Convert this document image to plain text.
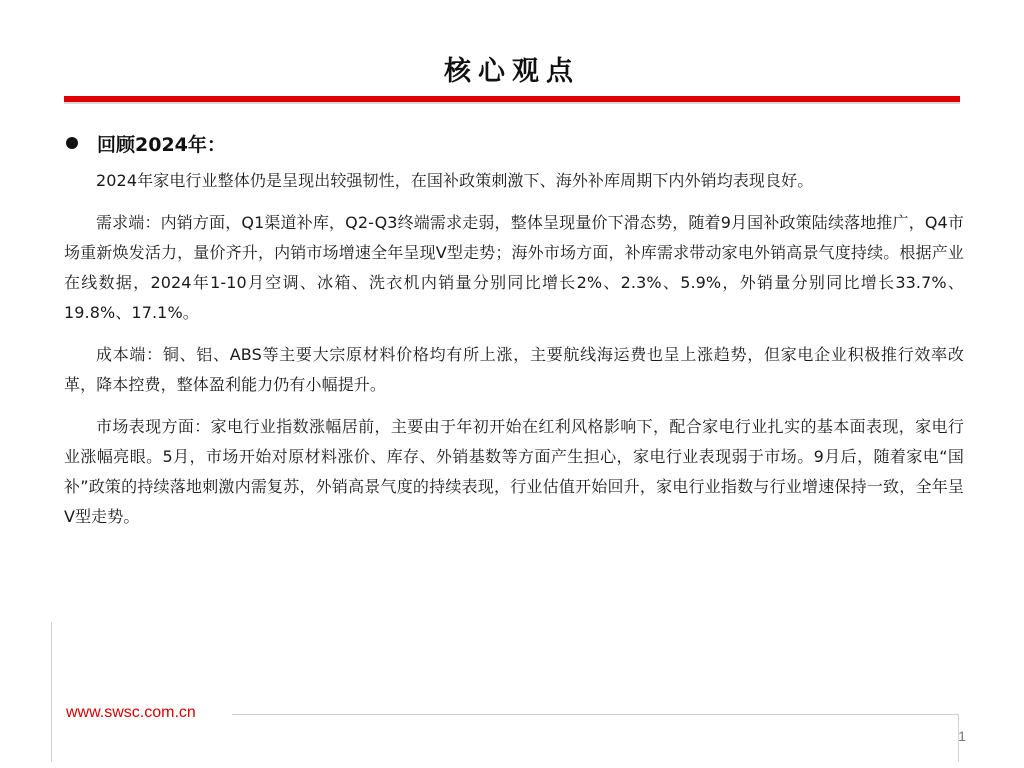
核心观点
回顾2024年：

2024年家电行业整体仍是呈现出较强韧性，在国补政策刺激下、海外补库周期下内外销均表现良好。

需求端：内销方面，Q1渠道补库，Q2-Q3终端需求走弱，整体呈现量价下滑态势，随着9月国补政策陆续落地推广，Q4市场重新焕发活力，量价齐升，内销市场增速全年呈现V型走势；海外市场方面，补库需求带动家电外销高景气度持续。根据产业在线数据，2024年1-10月空调、冰箱、洗衣机内销量分别同比增长2%、2.3%、5.9%，外销量分别同比增长33.7%、19.8%、17.1%。

成本端：铜、铝、ABS等主要大宗原材料价格均有所上涨，主要航线海运费也呈上涨趋势，但家电企业积极推行效率改革，降本控费，整体盈利能力仍有小幅提升。

市场表现方面：家电行业指数涨幅居前，主要由于年初开始在红利风格影响下，配合家电行业扎实的基本面表现，家电行业涨幅亮眼。5月，市场开始对原材料涨价、库存、外销基数等方面产生担心，家电行业表现弱于市场。9月后，随着家电“国补”政策的持续落地刺激内需复苏，外销高景气度的持续表现，行业估值开始回升，家电行业指数与行业增速保持一致，全年呈V型走势。

www.swsc.com.cn
1
